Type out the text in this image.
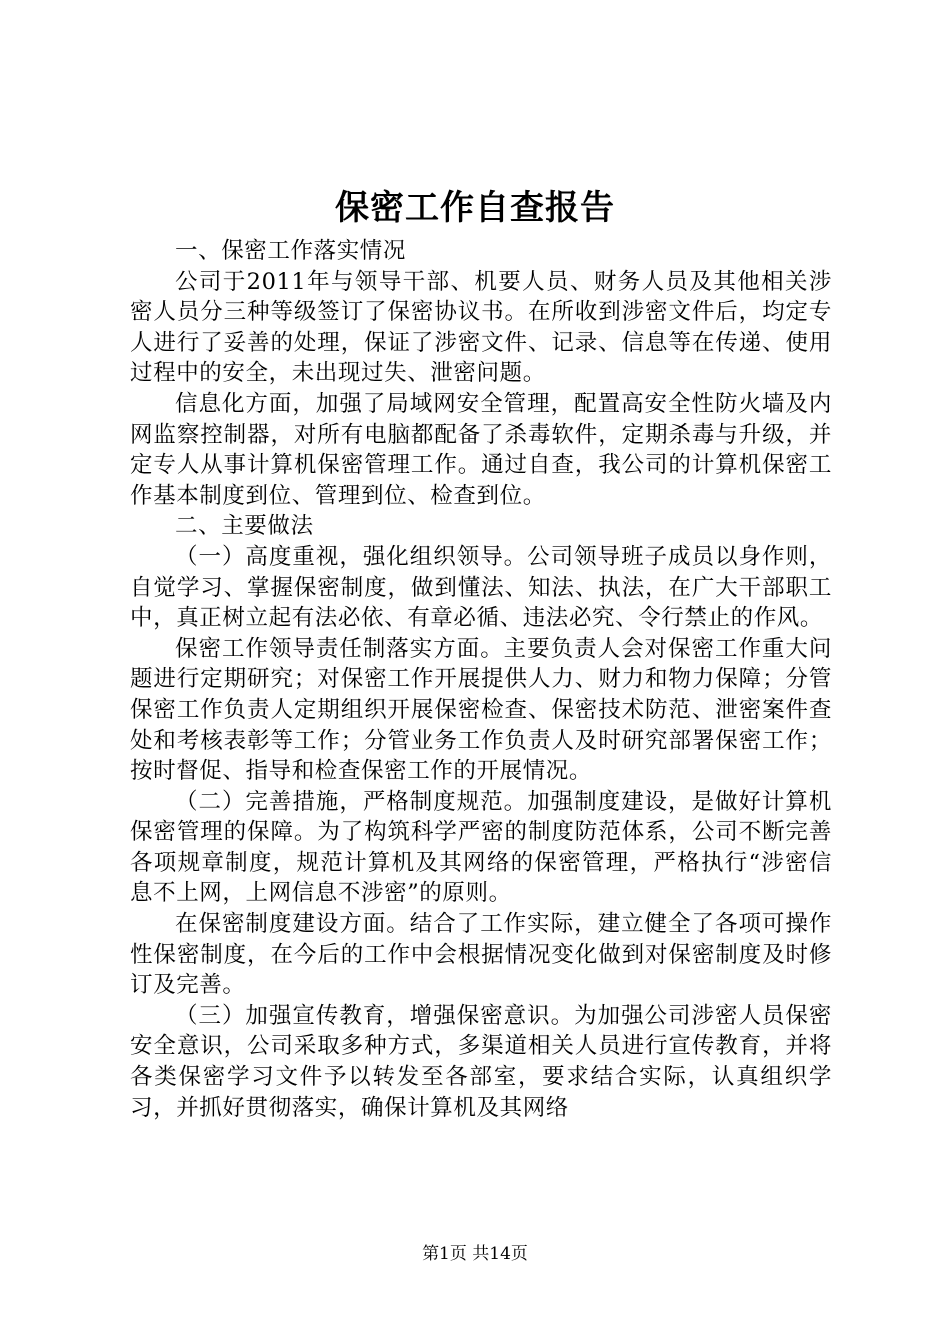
保密工作自查报告

一、保密工作落实情况

公司于2011年与领导干部、机要人员、财务人员及其他相关涉密人员分三种等级签订了保密协议书。在所收到涉密文件后，均定专人进行了妥善的处理，保证了涉密文件、记录、信息等在传递、使用过程中的安全，未出现过失、泄密问题。

信息化方面，加强了局域网安全管理，配置高安全性防火墙及内网监察控制器，对所有电脑都配备了杀毒软件，定期杀毒与升级，并定专人从事计算机保密管理工作。通过自查，我公司的计算机保密工作基本制度到位、管理到位、检查到位。

二、主要做法

（一）高度重视，强化组织领导。公司领导班子成员以身作则，自觉学习、掌握保密制度，做到懂法、知法、执法，在广大干部职工中，真正树立起有法必依、有章必循、违法必究、令行禁止的作风。

保密工作领导责任制落实方面。主要负责人会对保密工作重大问题进行定期研究；对保密工作开展提供人力、财力和物力保障；分管保密工作负责人定期组织开展保密检查、保密技术防范、泄密案件查处和考核表彰等工作；分管业务工作负责人及时研究部署保密工作；按时督促、指导和检查保密工作的开展情况。

（二）完善措施，严格制度规范。加强制度建设，是做好计算机保密管理的保障。为了构筑科学严密的制度防范体系，公司不断完善各项规章制度，规范计算机及其网络的保密管理，严格执行“涉密信息不上网，上网信息不涉密”的原则。

在保密制度建设方面。结合了工作实际，建立健全了各项可操作性保密制度，在今后的工作中会根据情况变化做到对保密制度及时修订及完善。

（三）加强宣传教育，增强保密意识。为加强公司涉密人员保密安全意识，公司采取多种方式，多渠道相关人员进行宣传教育，并将各类保密学习文件予以转发至各部室，要求结合实际，认真组织学习，并抓好贯彻落实，确保计算机及其网络

第1页 共14页
